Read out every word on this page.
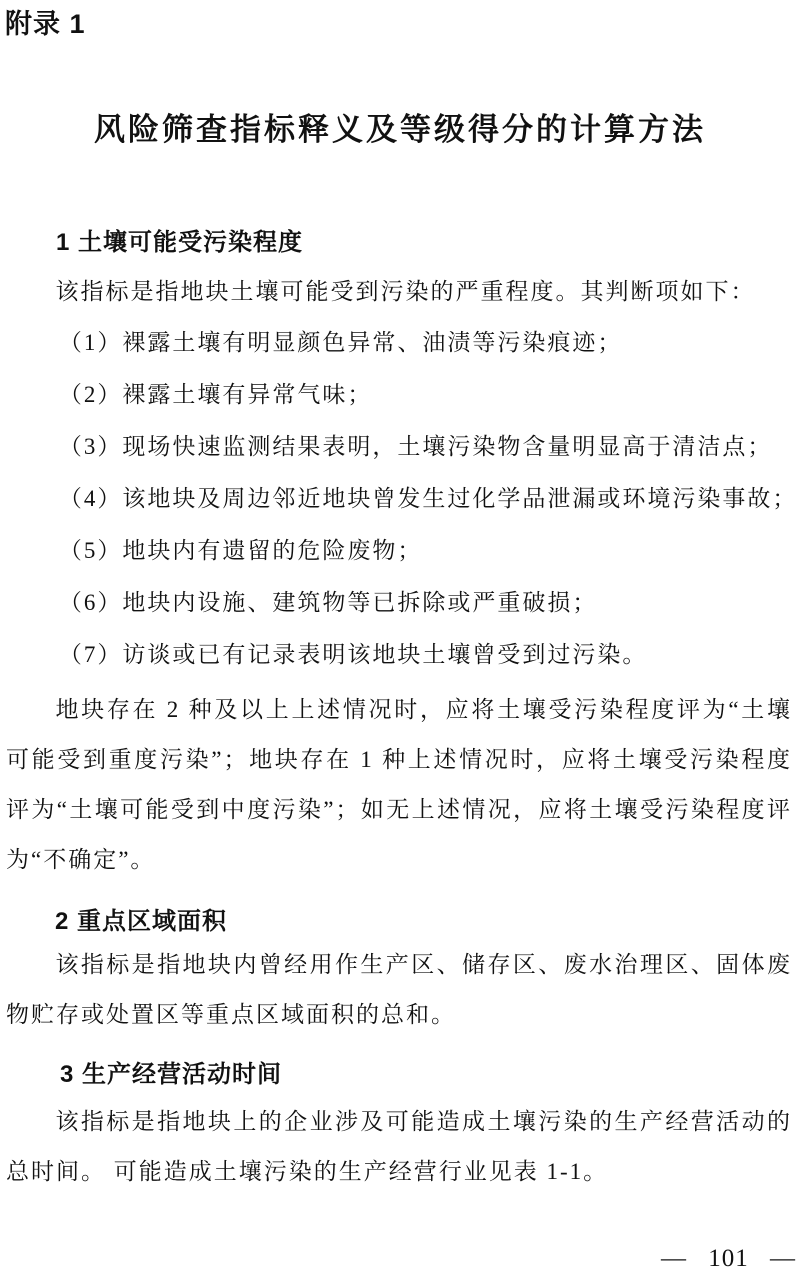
附录 1
风险筛查指标释义及等级得分的计算方法
1 土壤可能受污染程度
该指标是指地块土壤可能受到污染的严重程度。其判断项如下：
（1）裸露土壤有明显颜色异常、油渍等污染痕迹；
（2）裸露土壤有异常气味；
（3）现场快速监测结果表明，土壤污染物含量明显高于清洁点；
（4）该地块及周边邻近地块曾发生过化学品泄漏或环境污染事故；
（5）地块内有遗留的危险废物；
（6）地块内设施、建筑物等已拆除或严重破损；
（7）访谈或已有记录表明该地块土壤曾受到过污染。
地块存在 2 种及以上上述情况时，应将土壤受污染程度评为“土壤可能受到重度污染”；地块存在 1 种上述情况时，应将土壤受污染程度评为“土壤可能受到中度污染”；如无上述情况，应将土壤受污染程度评为“不确定”。
2 重点区域面积
该指标是指地块内曾经用作生产区、储存区、废水治理区、固体废物贮存或处置区等重点区域面积的总和。
3 生产经营活动时间
该指标是指地块上的企业涉及可能造成土壤污染的生产经营活动的总时间。 可能造成土壤污染的生产经营行业见表 1-1。
— 101 —
